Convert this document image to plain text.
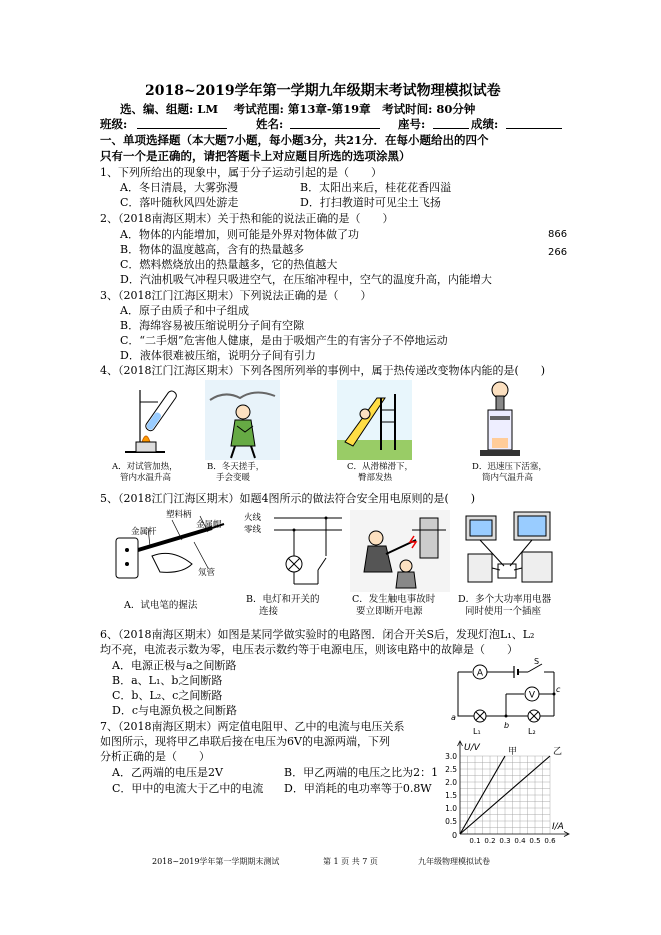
2018~2019学年第一学期九年级期末考试物理模拟试卷
选、编、组题: LM　 考试范围: 第13章-第19章　考试时间: 80分钟
班级:	姓名:	座号:	成绩:
一、单项选择题（本大题7小题，每小题3分，共21分．在每小题给出的四个
只有一个是正确的，请把答题卡上对应题目所选的选项涂黑）
1、下列所给出的现象中，属于分子运动引起的是（　　）
A．冬日清晨，大雾弥漫	B．太阳出来后，桂花花香四溢
C．落叶随秋风四处游走	D．打扫教道时可见尘土飞扬
2、（2018南海区期末）关于热和能的说法正确的是（　　）
A．物体的内能增加，则可能是外界对物体做了功	866
B．物体的温度越高，含有的热量越多	266
C．燃料燃烧放出的热量越多，它的热值越大
D．汽油机吸气冲程只吸进空气，在压缩冲程中，空气的温度升高，内能增大
3、（2018江门江海区期末）下列说法正确的是（　　）
A．原子由质子和中子组成
B．海绵容易被压缩说明分子间有空隙
C．“二手烟”危害他人健康，是由于吸烟产生的有害分子不停地运动
D．液体很难被压缩，说明分子间有引力
4、（2018江门江海区期末）下列各图所列举的事例中，属于热传递改变物体内能的是(　　)
A．对试管加热，
管内水温升高
B．冬天搓手，
手会变暖
C．从滑梯滑下，
臀部发热
D．迅速压下活塞，
筒内气温升高
5、（2018江门江海区期末）如题4图所示的做法符合安全用电原则的是(　　)
塑料柄
金属帽
金属杆
氖管
A．试电笔的握法
火线
零线
B．电灯和开关的
连接
C．发生触电事故时
要立即断开电源
D．多个大功率用电器
同时使用一个插座
6、（2018南海区期末）如图是某同学做实验时的电路图．闭合开关S后，发现灯泡L₁、L₂
均不亮，电流表示数为零，电压表示数约等于电源电压，则该电路中的故障是（　　）
A．电源正极与a之间断路
B．a、L₁、b之间断路
C．b、L₂、c之间断路
D．c与电源负极之间断路
A
V
S
L₁	L₂
a
b
c
7、（2018南海区期末）两定值电阻甲、乙中的电流与电压关系
如图所示，现将甲乙串联后接在电压为6V的电源两端，下列
分析正确的是（　　）
A．乙两端的电压是2V	B．甲乙两端的电压之比为2：1
C．甲中的电流大于乙中的电流 D．甲消耗的电功率等于0.8W
甲	乙
0.5
1.0
1.5
2.0
2.5
3.0
0.1 0.2 0.3 0.4 0.5 0.6
0
U/V
I/A
2018~2019学年第一学期期末测试	第 1 页 共 7 页	九年级物理模拟试卷
